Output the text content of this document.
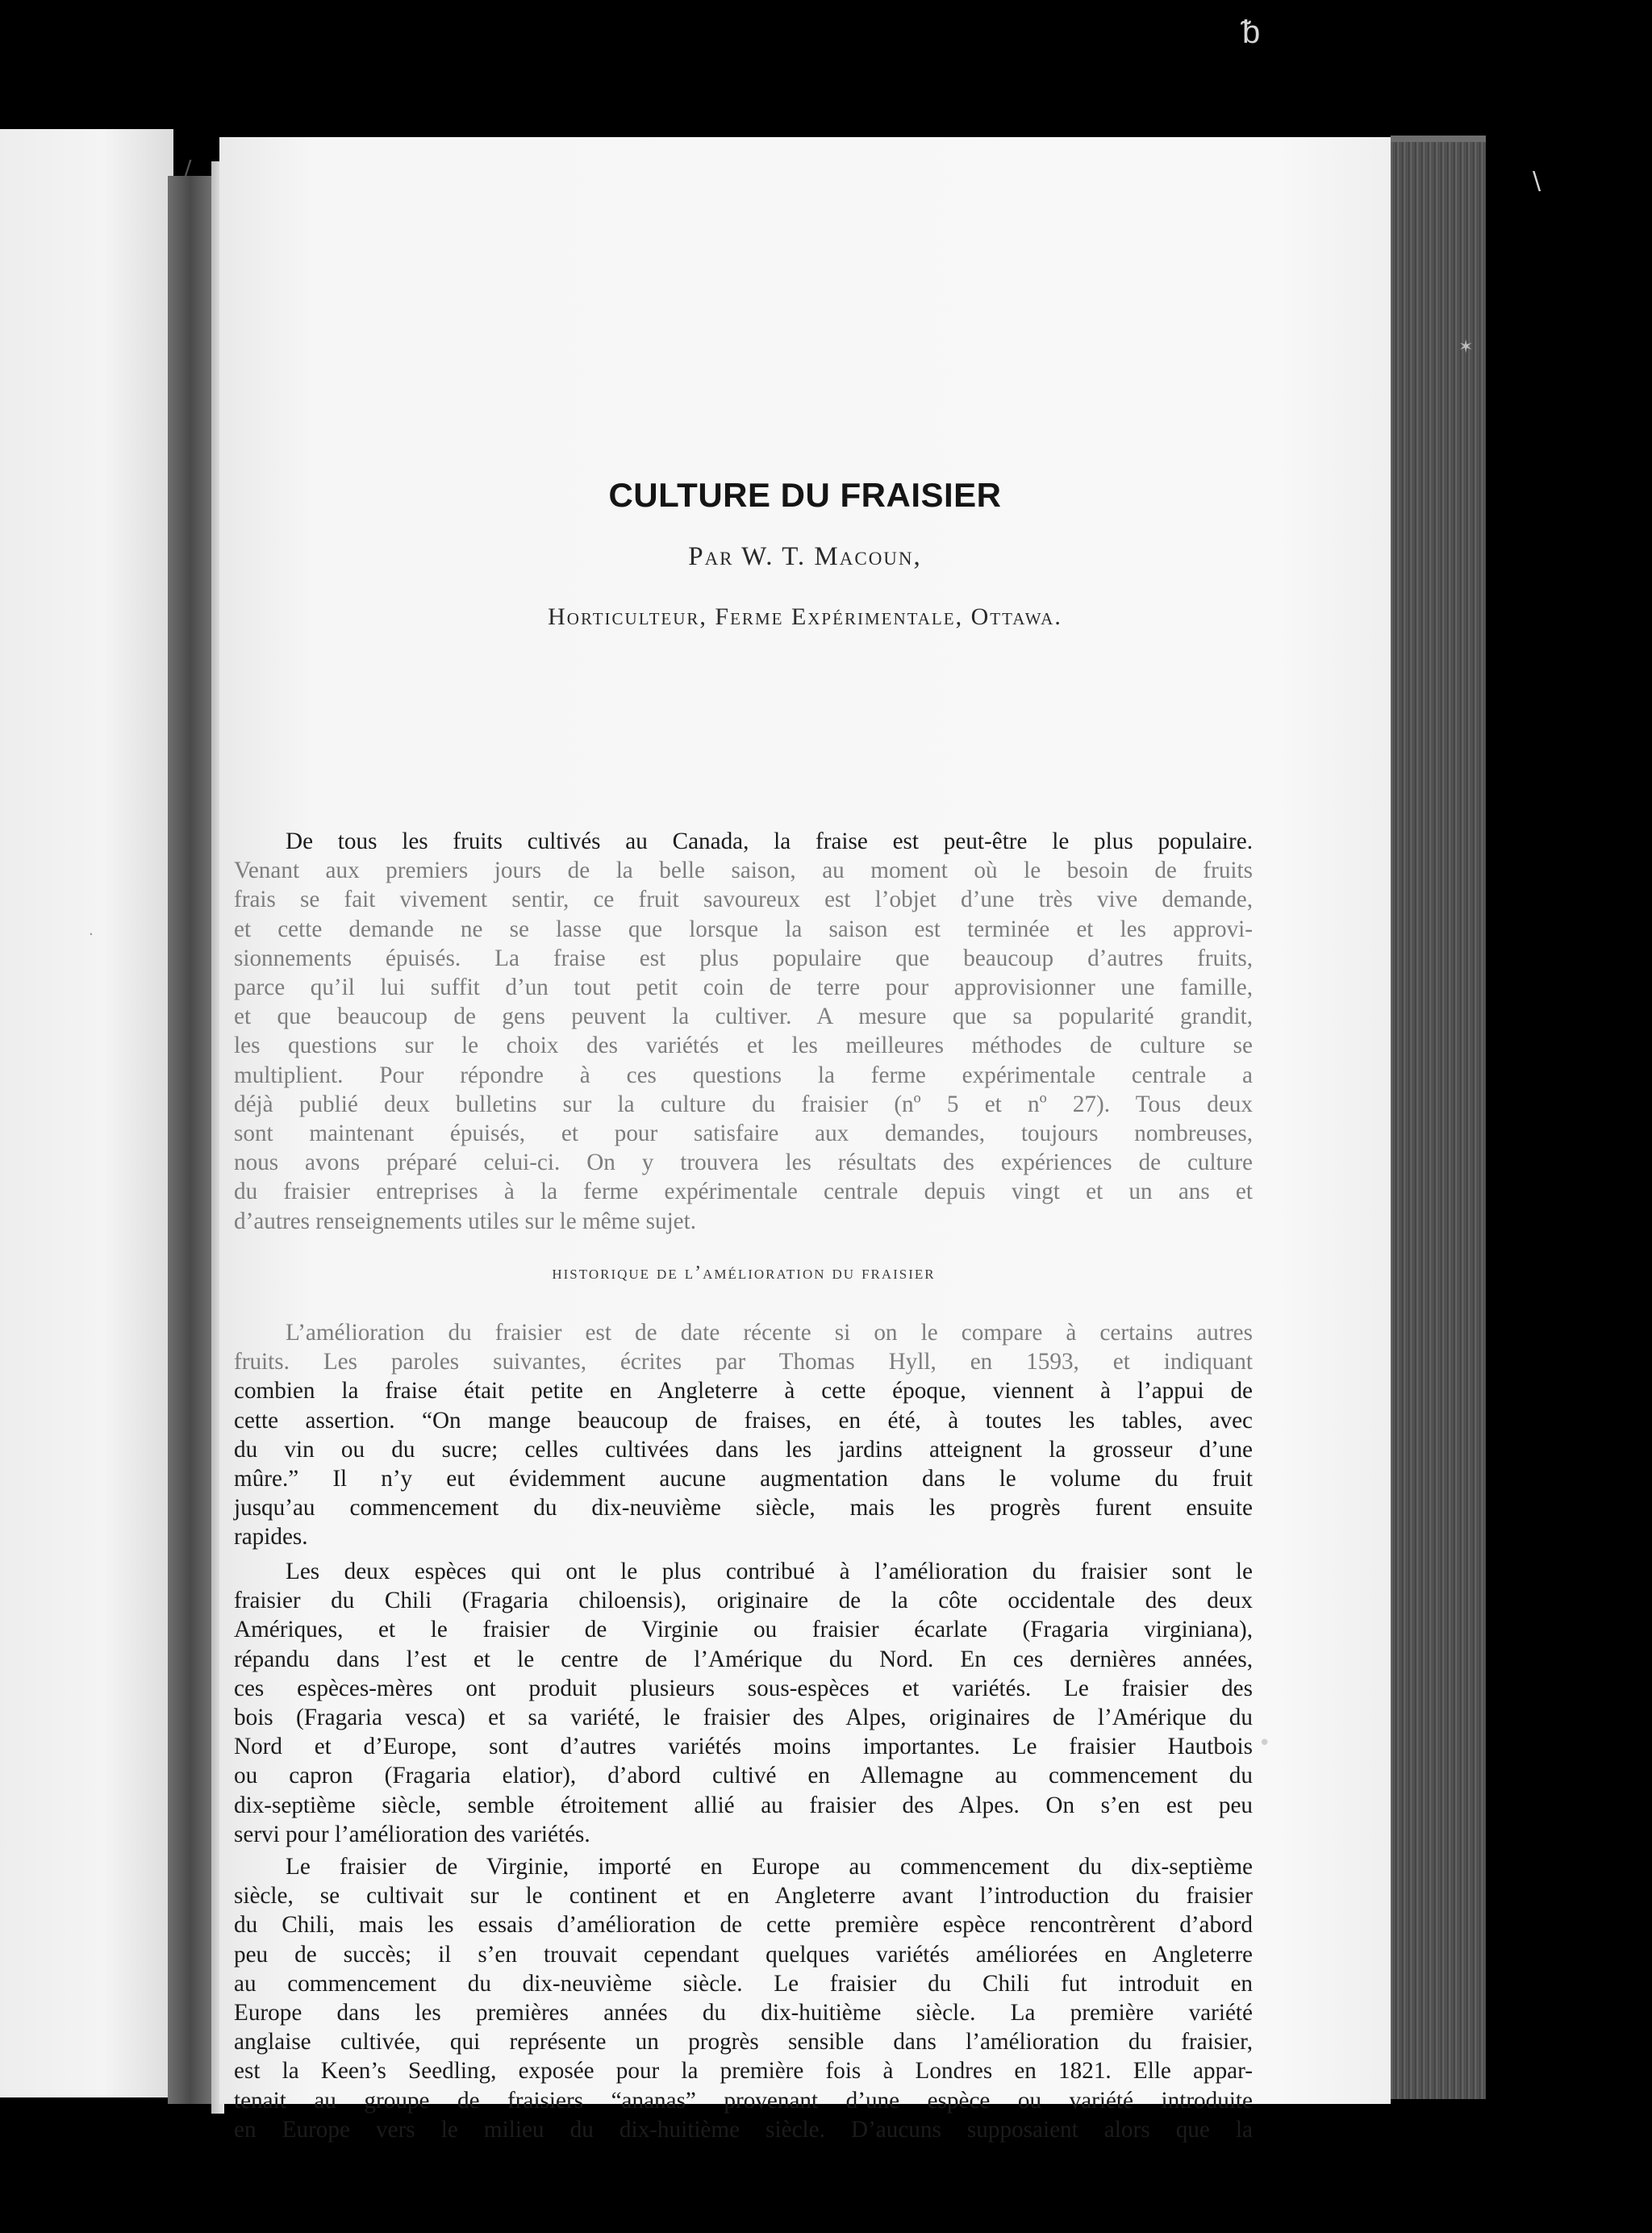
ᵬ
\
/
✶
·
CULTURE DU FRAISIER

Par W. T. Macoun,

Horticulteur, Ferme Expérimentale, Ottawa.

De tous les fruits cultivés au Canada, la fraise est peut-être le plus populaire.
Venant aux premiers jours de la belle saison, au moment où le besoin de fruits
frais se fait vivement sentir, ce fruit savoureux est l’objet d’une très vive demande,
et cette demande ne se lasse que lorsque la saison est terminée et les approvi-
sionnements épuisés. La fraise est plus populaire que beaucoup d’autres fruits,
parce qu’il lui suffit d’un tout petit coin de terre pour approvisionner une famille,
et que beaucoup de gens peuvent la cultiver. A mesure que sa popularité grandit,
les questions sur le choix des variétés et les meilleures méthodes de culture se
multiplient. Pour répondre à ces questions la ferme expérimentale centrale a
déjà publié deux bulletins sur la culture du fraisier (nº 5 et nº 27). Tous deux
sont maintenant épuisés, et pour satisfaire aux demandes, toujours nombreuses,
nous avons préparé celui-ci. On y trouvera les résultats des expériences de culture
du fraisier entreprises à la ferme expérimentale centrale depuis vingt et un ans et
d’autres renseignements utiles sur le même sujet.

historique de l’amélioration du fraisier

L’amélioration du fraisier est de date récente si on le compare à certains autres
fruits. Les paroles suivantes, écrites par Thomas Hyll, en 1593, et indiquant
combien la fraise était petite en Angleterre à cette époque, viennent à l’appui de
cette assertion. “On mange beaucoup de fraises, en été, à toutes les tables, avec
du vin ou du sucre; celles cultivées dans les jardins atteignent la grosseur d’une
mûre.” Il n’y eut évidemment aucune augmentation dans le volume du fruit
jusqu’au commencement du dix-neuvième siècle, mais les progrès furent ensuite
rapides.
Les deux espèces qui ont le plus contribué à l’amélioration du fraisier sont le
fraisier du Chili (Fragaria chiloensis), originaire de la côte occidentale des deux
Amériques, et le fraisier de Virginie ou fraisier écarlate (Fragaria virginiana),
répandu dans l’est et le centre de l’Amérique du Nord. En ces dernières années,
ces espèces-mères ont produit plusieurs sous-espèces et variétés. Le fraisier des
bois (Fragaria vesca) et sa variété, le fraisier des Alpes, originaires de l’Amérique du
Nord et d’Europe, sont d’autres variétés moins importantes. Le fraisier Hautbois
ou capron (Fragaria elatior), d’abord cultivé en Allemagne au commencement du
dix-septième siècle, semble étroitement allié au fraisier des Alpes. On s’en est peu
servi pour l’amélioration des variétés.
Le fraisier de Virginie, importé en Europe au commencement du dix-septième
siècle, se cultivait sur le continent et en Angleterre avant l’introduction du fraisier
du Chili, mais les essais d’amélioration de cette première espèce rencontrèrent d’abord
peu de succès; il s’en trouvait cependant quelques variétés améliorées en Angleterre
au commencement du dix-neuvième siècle. Le fraisier du Chili fut introduit en
Europe dans les premières années du dix-huitième siècle. La première variété
anglaise cultivée, qui représente un progrès sensible dans l’amélioration du fraisier,
est la Keen’s Seedling, exposée pour la première fois à Londres en 1821. Elle appar-
tenait au groupe de fraisiers “ananas” provenant d’une espèce ou variété introduite
en Europe vers le milieu du dix-huitième siècle. D’aucuns supposaient alors que la
•
